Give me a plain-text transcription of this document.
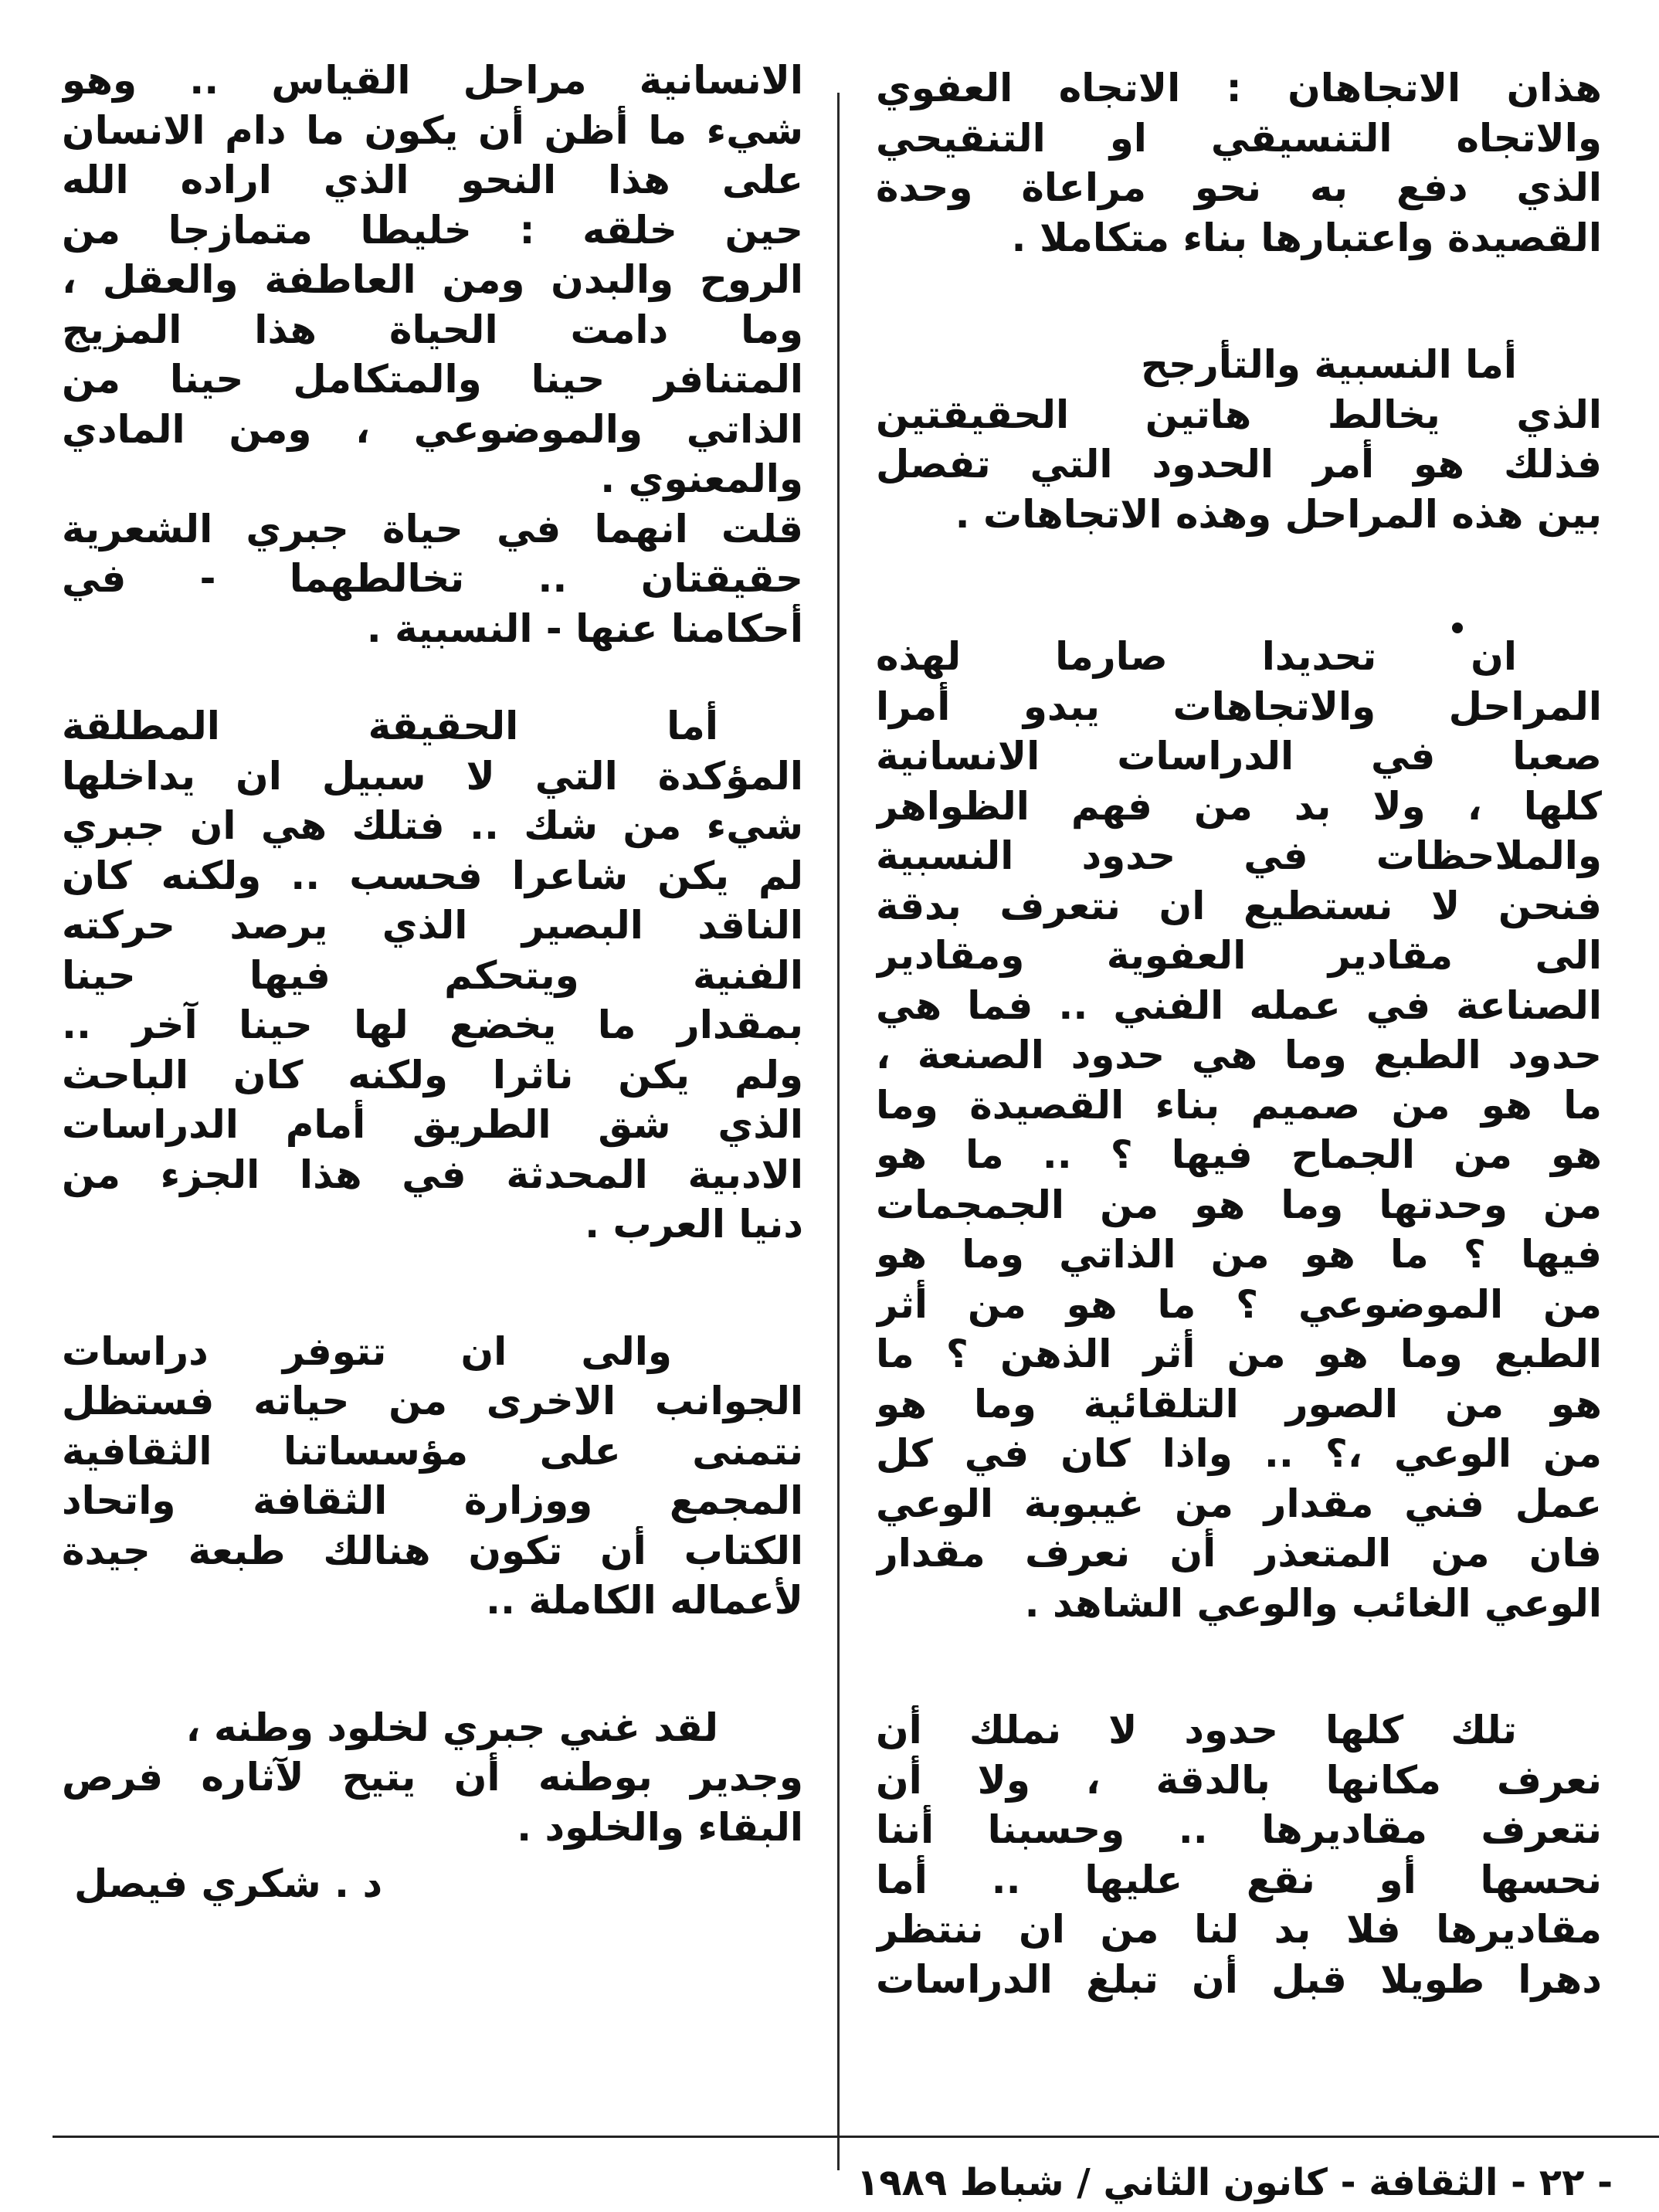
هذان الاتجاهان : الاتجاه العفوي
والاتجاه التنسيقي او التنقيحي
الذي دفع به نحو مراعاة وحدة
القصيدة واعتبارها بناء متكاملا .
أما النسبية والتأرجح
الذي يخالط هاتين الحقيقتين
فذلك هو أمر الحدود التي تفصل
بين هذه المراحل وهذه الاتجاهات .
ان تحديدا صارما لهذه
المراحل والاتجاهات يبدو أمرا
صعبا في الدراسات الانسانية
كلها ، ولا بد من فهم الظواهر
والملاحظات في حدود النسبية
فنحن لا نستطيع ان نتعرف بدقة
الى مقادير العفوية ومقادير
الصناعة في عمله الفني .. فما هي
حدود الطبع وما هي حدود الصنعة ،
ما هو من صميم بناء القصيدة وما
هو من الجماح فيها ؟ .. ما هو
من وحدتها وما هو من الجمجمات
فيها ؟ ما هو من الذاتي وما هو
من الموضوعي ؟ ما هو من أثر
الطبع وما هو من أثر الذهن ؟ ما
هو من الصور التلقائية وما هو
من الوعي ،؟ .. واذا كان في كل
عمل فني مقدار من غيبوبة الوعي
فان من المتعذر أن نعرف مقدار
الوعي الغائب والوعي الشاهد .
تلك كلها حدود لا نملك أن
نعرف مكانها بالدقة ، ولا أن
نتعرف مقاديرها .. وحسبنا أننا
نحسها أو نقع عليها .. أما
مقاديرها فلا بد لنا من ان ننتظر
دهرا طويلا قبل أن تبلغ الدراسات
الانسانية مراحل القياس .. وهو
شيء ما أظن أن يكون ما دام الانسان
على هذا النحو الذي اراده الله
حين خلقه : خليطا متمازجا من
الروح والبدن ومن العاطفة والعقل ،
وما دامت الحياة هذا المزيج
المتنافر حينا والمتكامل حينا من
الذاتي والموضوعي ، ومن المادي
والمعنوي .
قلت انهما في حياة جبري الشعرية
حقيقتان .. تخالطهما - في
أحكامنا عنها - النسبية .
أما الحقيقة المطلقة
المؤكدة التي لا سبيل ان يداخلها
شيء من شك .. فتلك هي ان جبري
لم يكن شاعرا فحسب .. ولكنه كان
الناقد البصير الذي يرصد حركته
الفنية ويتحكم فيها حينا
بمقدار ما يخضع لها حينا آخر ..
ولم يكن ناثرا ولكنه كان الباحث
الذي شق الطريق أمام الدراسات
الادبية المحدثة في هذا الجزء من
دنيا العرب .
والى ان تتوفر دراسات
الجوانب الاخرى من حياته فستظل
نتمنى على مؤسساتنا الثقافية
المجمع ووزارة الثقافة واتحاد
الكتاب أن تكون هنالك طبعة جيدة
لأعماله الكاملة ..
لقد غني جبري لخلود وطنه ،
وجدير بوطنه أن يتيح لآثاره فرص
البقاء والخلود .
د . شكري فيصل
- ٢٢ - الثقافة - كانون الثاني / شباط ١٩٨٩
